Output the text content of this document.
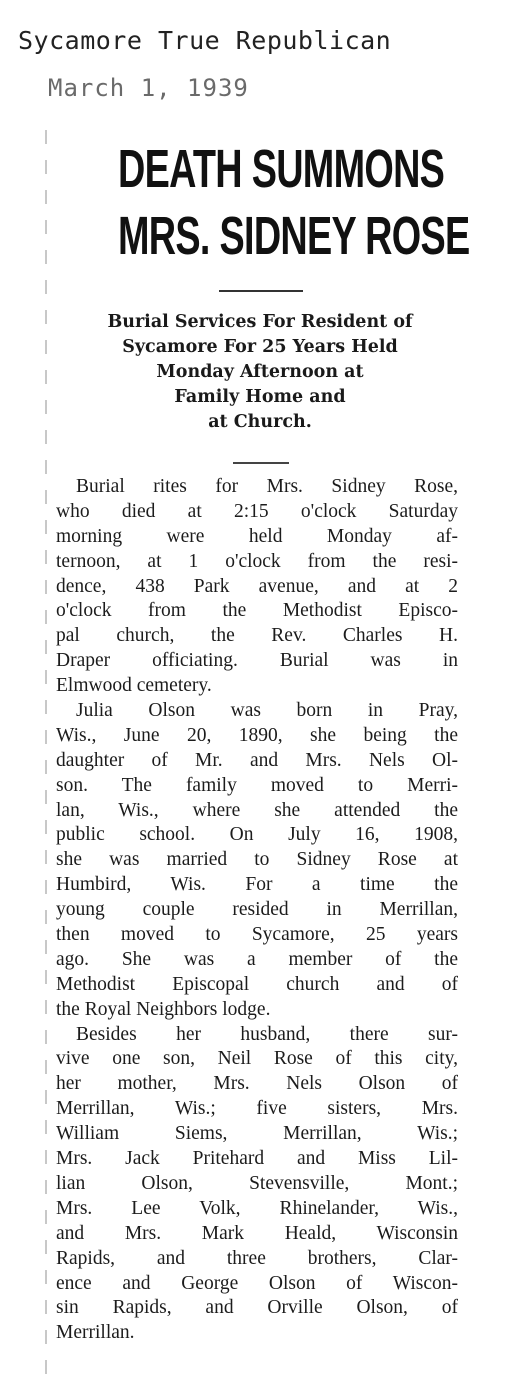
Sycamore True Republican
March 1, 1939
DEATH SUMMONS
MRS. SIDNEY ROSE
Burial Services For Resident of
Sycamore For 25 Years Held
Monday Afternoon at
Family Home and
at Church.
Burial rites for Mrs. Sidney Rose,
who died at 2:15 o'clock Saturday
morning were held Monday af-
ternoon, at 1 o'clock from the resi-
dence, 438 Park avenue, and at 2
o'clock from the Methodist Episco-
pal church, the Rev. Charles H.
Draper officiating. Burial was in
Elmwood cemetery.
Julia Olson was born in Pray,
Wis., June 20, 1890, she being the
daughter of Mr. and Mrs. Nels Ol-
son. The family moved to Merri-
lan, Wis., where she attended the
public school. On July 16, 1908,
she was married to Sidney Rose at
Humbird, Wis. For a time the
young couple resided in Merrillan,
then moved to Sycamore, 25 years
ago. She was a member of the
Methodist Episcopal church and of
the Royal Neighbors lodge.
Besides her husband, there sur-
vive one son, Neil Rose of this city,
her mother, Mrs. Nels Olson of
Merrillan, Wis.; five sisters, Mrs.
William Siems, Merrillan, Wis.;
Mrs. Jack Pritehard and Miss Lil-
lian Olson, Stevensville, Mont.;
Mrs. Lee Volk, Rhinelander, Wis.,
and Mrs. Mark Heald, Wisconsin
Rapids, and three brothers, Clar-
ence and George Olson of Wiscon-
sin Rapids, and Orville Olson, of
Merrillan.
